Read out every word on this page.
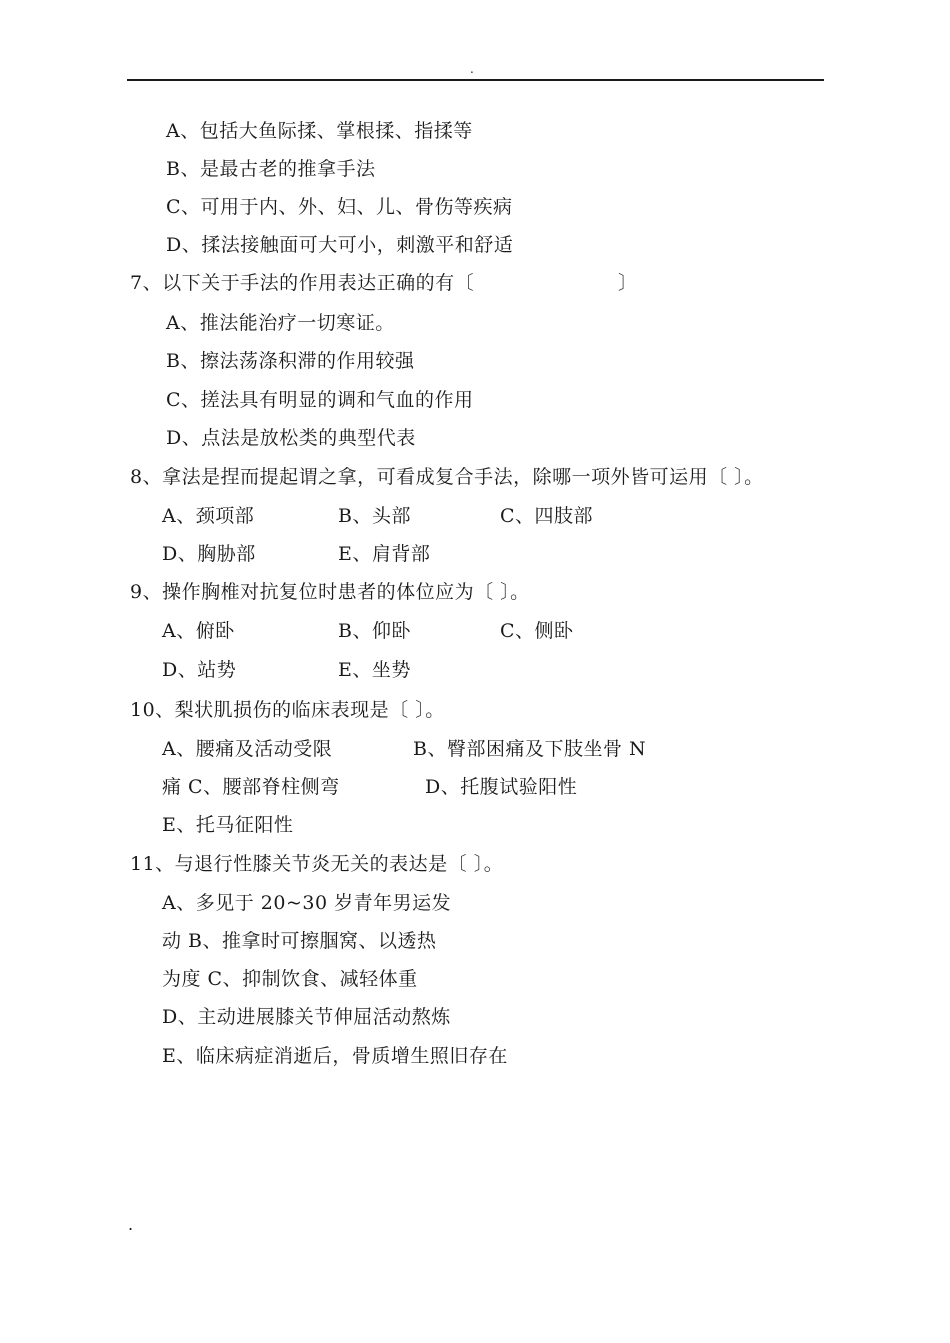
.
A、包括大鱼际揉、掌根揉、指揉等
B、是最古老的推拿手法
C、可用于内、外、妇、儿、骨伤等疾病
D、揉法接触面可大可小，刺激平和舒适
7、以下关于手法的作用表达正确的有〔	〕
A、推法能治疗一切寒证。
B、擦法荡涤积滞的作用较强
C、搓法具有明显的调和气血的作用
D、点法是放松类的典型代表
8、拿法是捏而提起谓之拿，可看成复合手法，除哪一项外皆可运用〔 〕。
A、颈项部	B、头部	C、四肢部
D、胸胁部	E、肩背部
9、操作胸椎对抗复位时患者的体位应为〔 〕。
A、俯卧	B、仰卧	C、侧卧
D、站势	E、坐势
10、梨状肌损伤的临床表现是〔 〕。
A、腰痛及活动受限	B、臀部困痛及下肢坐骨 N
痛 C、腰部脊柱侧弯	D、托腹试验阳性
E、托马征阳性
11、与退行性膝关节炎无关的表达是〔 〕。
A、多见于 20~30 岁青年男运发
动 B、推拿时可擦腘窝、以透热
为度 C、抑制饮食、减轻体重
D、主动进展膝关节伸屈活动熬炼
E、临床病症消逝后，骨质增生照旧存在
.
